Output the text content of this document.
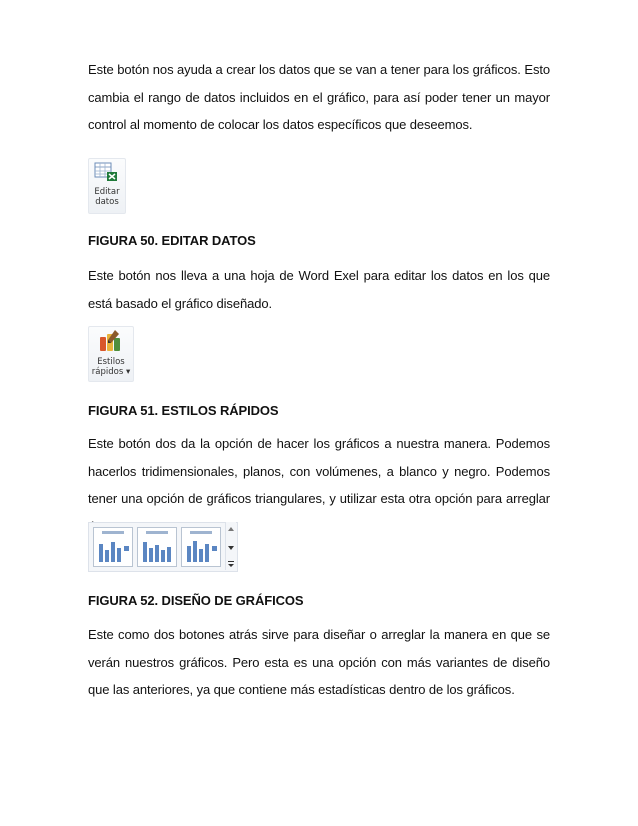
Este botón nos ayuda a crear los datos que se van a tener para los gráficos. Esto cambia el rango de datos incluidos en el gráfico, para así poder tener un mayor control al momento de colocar los datos específicos que deseemos.

Editar
datos
FIGURA 50. EDITAR DATOS

Este botón nos lleva a una hoja de Word Exel para editar los datos en los que está basado el gráfico diseñado.

Estilos
rápidos ▾
FIGURA 51. ESTILOS RÁPIDOS

Este botón dos da la opción de hacer los gráficos a nuestra manera. Podemos hacerlos tridimensionales, planos, con volúmenes, a blanco y negro. Podemos tener una opción de gráficos triangulares, y utilizar esta otra opción para arreglar

FIGURA 52. DISEÑO DE GRÁFICOS

Este como dos botones atrás sirve para diseñar o arreglar la manera en que se verán nuestros gráficos. Pero esta es una opción con más variantes de diseño que las anteriores, ya que contiene más estadísticas dentro de los gráficos.
